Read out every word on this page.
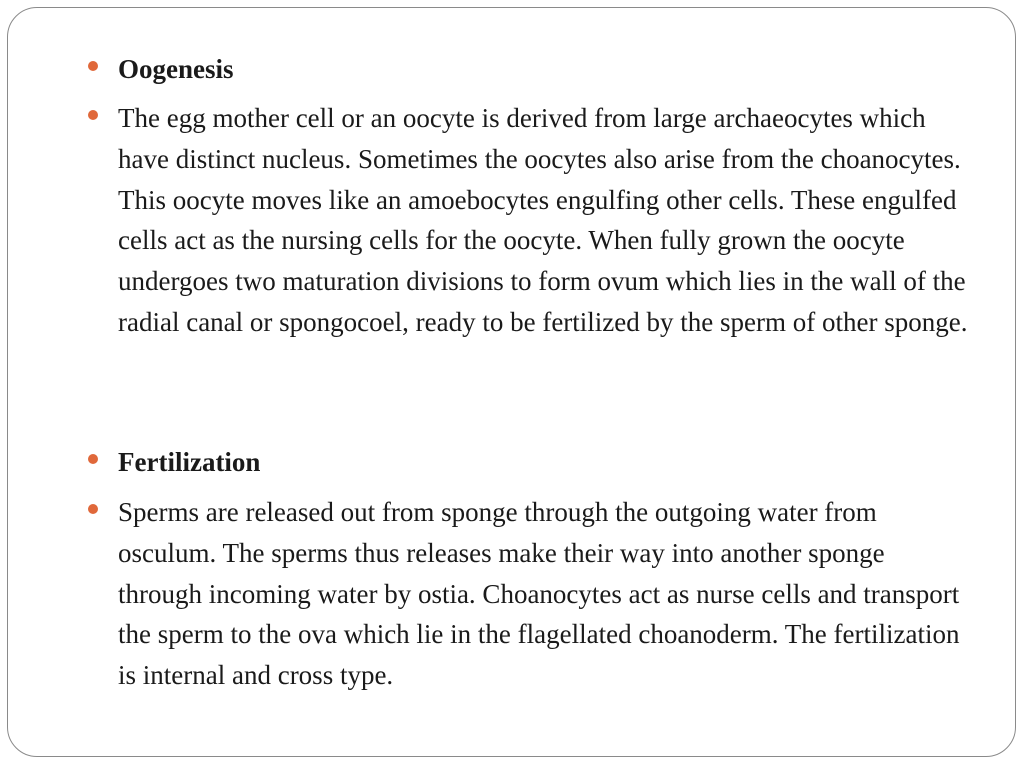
Oogenesis
The egg mother cell or an oocyte is derived from large archaeocytes which have distinct nucleus. Sometimes the oocytes also arise from the choanocytes. This oocyte moves like an amoebocytes engulfing other cells. These engulfed cells act as the nursing cells for the oocyte. When fully grown the oocyte undergoes two maturation divisions to form ovum which lies in the wall of the radial canal or spongocoel, ready to be fertilized by the sperm of other sponge.
Fertilization
Sperms are released out from sponge through the outgoing water from osculum. The sperms thus releases make their way into another sponge through incoming water by ostia. Choanocytes act as nurse cells and transport the sperm to the ova which lie in the flagellated choanoderm. The fertilization is internal and cross type.
